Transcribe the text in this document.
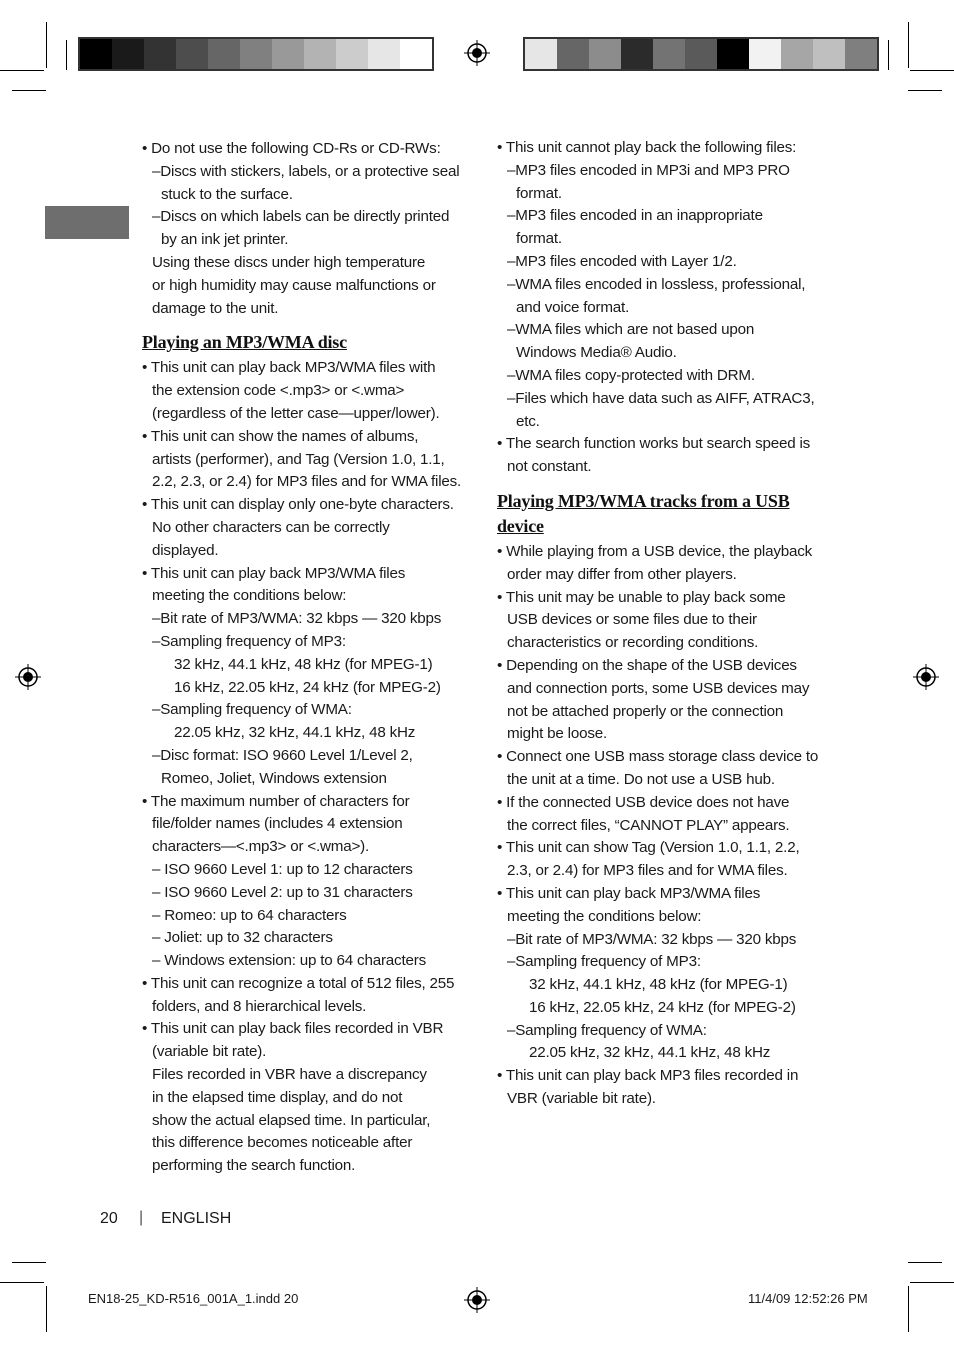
• Do not use the following CD-Rs or CD-RWs:
–Discs with stickers, labels, or a protective seal
stuck to the surface.
–Discs on which labels can be directly printed
by an ink jet printer.
Using these discs under high temperature
or high humidity may cause malfunctions or
damage to the unit.
Playing an MP3/WMA disc
• This unit can play back MP3/WMA files with
the extension code <.mp3> or <.wma>
(regardless of the letter case—upper/lower).
• This unit can show the names of albums,
artists (performer), and Tag (Version 1.0, 1.1,
2.2, 2.3, or 2.4) for MP3 files and for WMA files.
• This unit can display only one-byte characters.
No other characters can be correctly
displayed.
• This unit can play back MP3/WMA files
meeting the conditions below:
–Bit rate of MP3/WMA: 32 kbps — 320 kbps
–Sampling frequency of MP3:
32 kHz, 44.1 kHz, 48 kHz (for MPEG-1)
16 kHz, 22.05 kHz, 24 kHz (for MPEG-2)
–Sampling frequency of WMA:
22.05 kHz, 32 kHz, 44.1 kHz, 48 kHz
–Disc format: ISO 9660 Level 1/Level 2,
Romeo, Joliet, Windows extension
• The maximum number of characters for
file/folder names (includes 4 extension
characters—<.mp3> or <.wma>).
– ISO 9660 Level 1: up to 12 characters
– ISO 9660 Level 2: up to 31 characters
– Romeo: up to 64 characters
– Joliet: up to 32 characters
– Windows extension: up to 64 characters
• This unit can recognize a total of 512 files, 255
folders, and 8 hierarchical levels.
• This unit can play back files recorded in VBR
(variable bit rate).
Files recorded in VBR have a discrepancy
in the elapsed time display, and do not
show the actual elapsed time. In particular,
this difference becomes noticeable after
performing the search function.
• This unit cannot play back the following files:
–MP3 files encoded in MP3i and MP3 PRO
format.
–MP3 files encoded in an inappropriate
format.
–MP3 files encoded with Layer 1/2.
–WMA files encoded in lossless, professional,
and voice format.
–WMA files which are not based upon
Windows Media® Audio.
–WMA files copy-protected with DRM.
–Files which have data such as AIFF, ATRAC3,
etc.
• The search function works but search speed is
not constant.
Playing MP3/WMA tracks from a USB
device
• While playing from a USB device, the playback
order may differ from other players.
• This unit may be unable to play back some
USB devices or some files due to their
characteristics or recording conditions.
• Depending on the shape of the USB devices
and connection ports, some USB devices may
not be attached properly or the connection
might be loose.
• Connect one USB mass storage class device to
the unit at a time. Do not use a USB hub.
• If the connected USB device does not have
the correct files, “CANNOT PLAY” appears.
• This unit can show Tag (Version 1.0, 1.1, 2.2,
2.3, or 2.4) for MP3 files and for WMA files.
• This unit can play back MP3/WMA files
meeting the conditions below:
–Bit rate of MP3/WMA: 32 kbps — 320 kbps
–Sampling frequency of MP3:
32 kHz, 44.1 kHz, 48 kHz (for MPEG-1)
16 kHz, 22.05 kHz, 24 kHz (for MPEG-2)
–Sampling frequency of WMA:
22.05 kHz, 32 kHz, 44.1 kHz, 48 kHz
• This unit can play back MP3 files recorded in
VBR (variable bit rate).
20 | ENGLISH
EN18-25_KD-R516_001A_1.indd 20	11/4/09 12:52:26 PM
